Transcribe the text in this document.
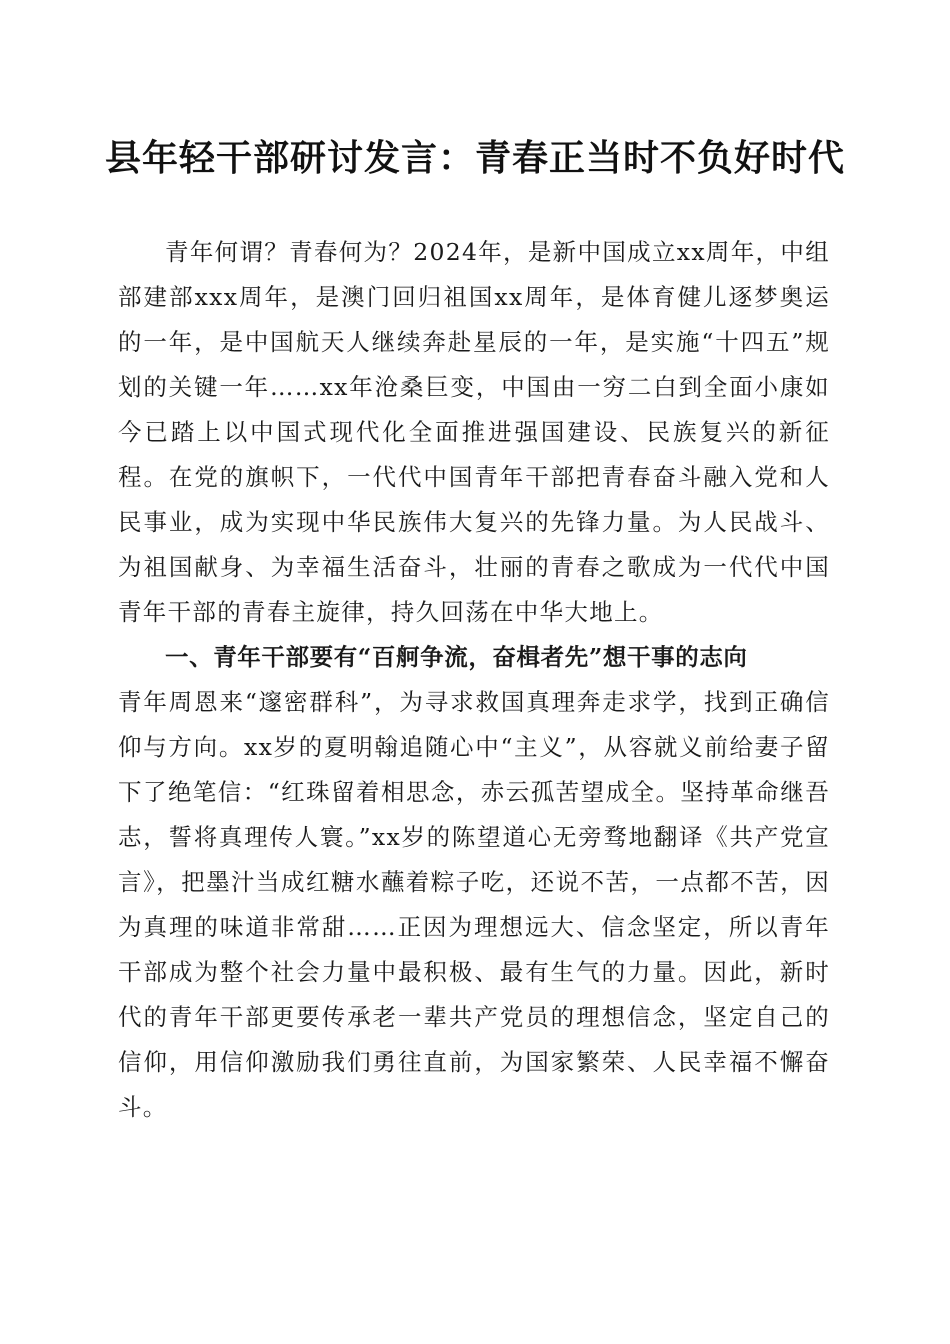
县年轻干部研讨发言：青春正当时不负好时代

青年何谓？青春何为？2024年，是新中国成立xx周年，中组部建部xxx周年，是澳门回归祖国xx周年，是体育健儿逐梦奥运的一年，是中国航天人继续奔赴星辰的一年，是实施“十四五”规划的关键一年……xx年沧桑巨变，中国由一穷二白到全面小康如今已踏上以中国式现代化全面推进强国建设、民族复兴的新征程。在党的旗帜下，一代代中国青年干部把青春奋斗融入党和人民事业，成为实现中华民族伟大复兴的先锋力量。为人民战斗、为祖国献身、为幸福生活奋斗，壮丽的青春之歌成为一代代中国青年干部的青春主旋律，持久回荡在中华大地上。

一、青年干部要有“百舸争流，奋楫者先”想干事的志向

青年周恩来“邃密群科”，为寻求救国真理奔走求学，找到正确信仰与方向。xx岁的夏明翰追随心中“主义”，从容就义前给妻子留下了绝笔信：“红珠留着相思念，赤云孤苦望成全。坚持革命继吾志，誓将真理传人寰。”xx岁的陈望道心无旁骛地翻译《共产党宣言》，把墨汁当成红糖水蘸着粽子吃，还说不苦，一点都不苦，因为真理的味道非常甜……正因为理想远大、信念坚定，所以青年干部成为整个社会力量中最积极、最有生气的力量。因此，新时代的青年干部更要传承老一辈共产党员的理想信念，坚定自己的信仰，用信仰激励我们勇往直前，为国家繁荣、人民幸福不懈奋斗。
